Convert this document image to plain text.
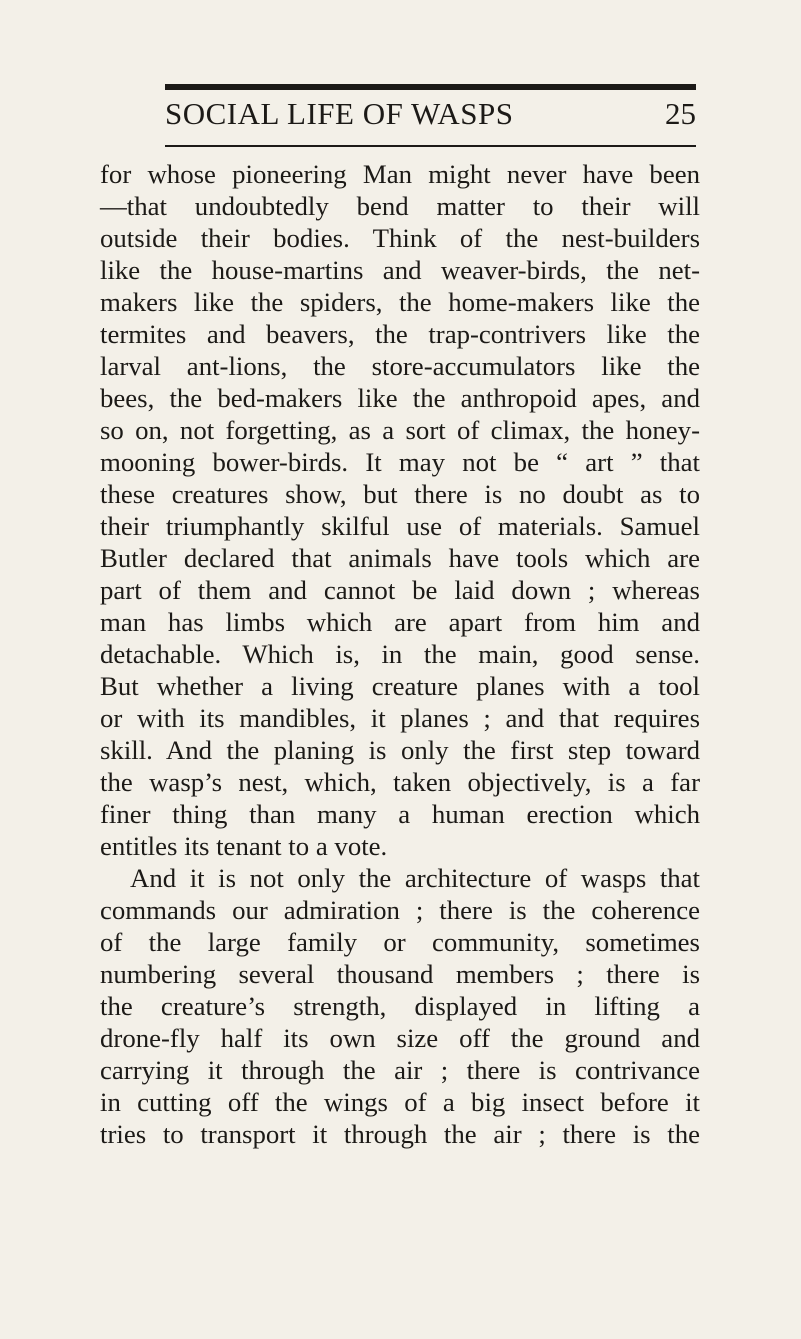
SOCIAL LIFE OF WASPS	25
for whose pioneering Man might never have been
—that undoubtedly bend matter to their will
outside their bodies. Think of the nest-builders
like the house-martins and weaver-birds, the net-
makers like the spiders, the home-makers like the
termites and beavers, the trap-contrivers like the
larval ant-lions, the store-accumulators like the
bees, the bed-makers like the anthropoid apes, and
so on, not forgetting, as a sort of climax, the honey-
mooning bower-birds. It may not be “ art ” that
these creatures show, but there is no doubt as to
their triumphantly skilful use of materials. Samuel
Butler declared that animals have tools which are
part of them and cannot be laid down ; whereas
man has limbs which are apart from him and
detachable. Which is, in the main, good sense.
But whether a living creature planes with a tool
or with its mandibles, it planes ; and that requires
skill. And the planing is only the first step toward
the wasp’s nest, which, taken objectively, is a far
finer thing than many a human erection which
entitles its tenant to a vote.
And it is not only the architecture of wasps that
commands our admiration ; there is the coherence
of the large family or community, sometimes
numbering several thousand members ; there is
the creature’s strength, displayed in lifting a
drone-fly half its own size off the ground and
carrying it through the air ; there is contrivance
in cutting off the wings of a big insect before it
tries to transport it through the air ; there is the
